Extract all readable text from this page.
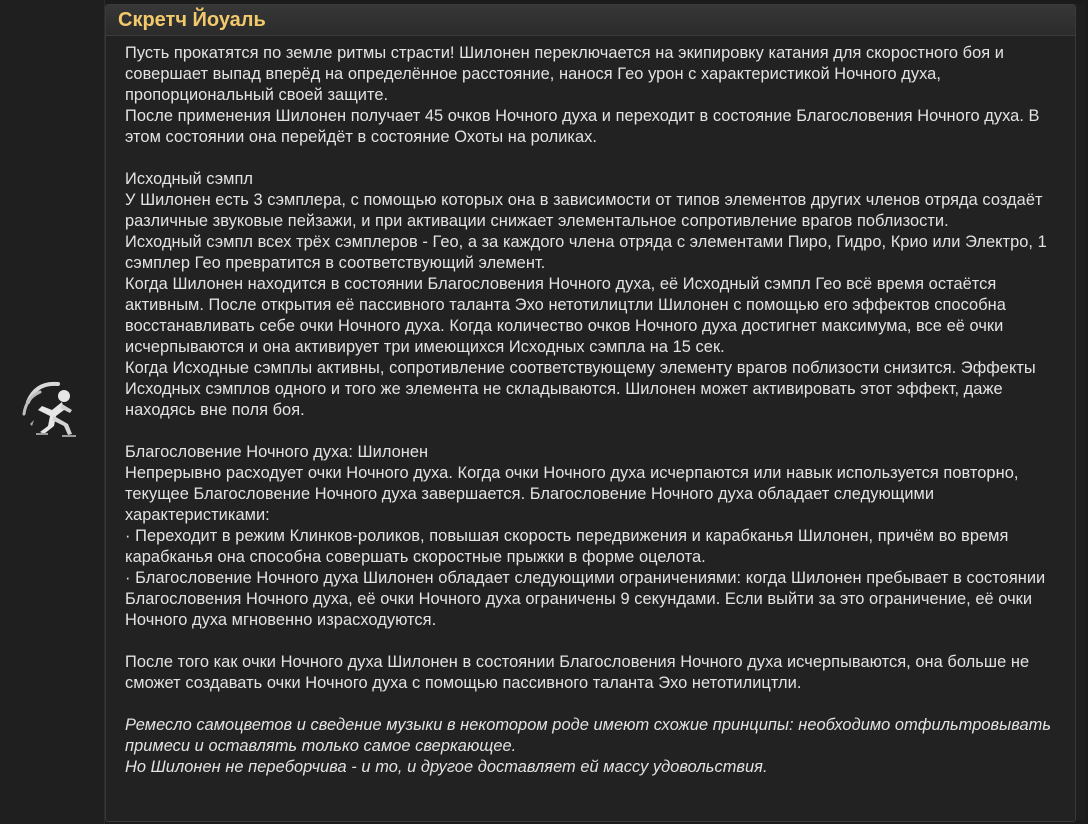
Скретч Йоуаль

Пусть прокатятся по земле ритмы страсти! Шилонен переключается на экипировку катания для скоростного боя и совершает выпад вперёд на определённое расстояние, нанося Гео урон с характеристикой Ночного духа, пропорциональный своей защите.

После применения Шилонен получает 45 очков Ночного духа и переходит в состояние Благословения Ночного духа. В этом состоянии она перейдёт в состояние Охоты на роликах.

Исходный сэмпл

У Шилонен есть 3 сэмплера, с помощью которых она в зависимости от типов элементов других членов отряда создаёт различные звуковые пейзажи, и при активации снижает элементальное сопротивление врагов поблизости.

Исходный сэмпл всех трёх сэмплеров - Гео, а за каждого члена отряда с элементами Пиро, Гидро, Крио или Электро, 1 сэмплер Гео превратится в соответствующий элемент.

Когда Шилонен находится в состоянии Благословения Ночного духа, её Исходный сэмпл Гео всё время остаётся активным. После открытия её пассивного таланта Эхо нетотилицтли Шилонен с помощью его эффектов способна восстанавливать себе очки Ночного духа. Когда количество очков Ночного духа достигнет максимума, все её очки исчерпываются и она активирует три имеющихся Исходных сэмпла на 15 сек.

Когда Исходные сэмплы активны, сопротивление соответствующему элементу врагов поблизости снизится. Эффекты Исходных сэмплов одного и того же элемента не складываются. Шилонен может активировать этот эффект, даже находясь вне поля боя.

Благословение Ночного духа: Шилонен

Непрерывно расходует очки Ночного духа. Когда очки Ночного духа исчерпаются или навык используется повторно, текущее Благословение Ночного духа завершается. Благословение Ночного духа обладает следующими характеристиками:

· Переходит в режим Клинков-роликов, повышая скорость передвижения и карабканья Шилонен, причём во время карабканья она способна совершать скоростные прыжки в форме оцелота.

· Благословение Ночного духа Шилонен обладает следующими ограничениями: когда Шилонен пребывает в состоянии Благословения Ночного духа, её очки Ночного духа ограничены 9 секундами. Если выйти за это ограничение, её очки Ночного духа мгновенно израсходуются.

После того как очки Ночного духа Шилонен в состоянии Благословения Ночного духа исчерпываются, она больше не сможет создавать очки Ночного духа с помощью пассивного таланта Эхо нетотилицтли.

Ремесло самоцветов и сведение музыки в некотором роде имеют схожие принципы: необходимо отфильтровывать примеси и оставлять только самое сверкающее.

Но Шилонен не переборчива - и то, и другое доставляет ей массу удовольствия.
